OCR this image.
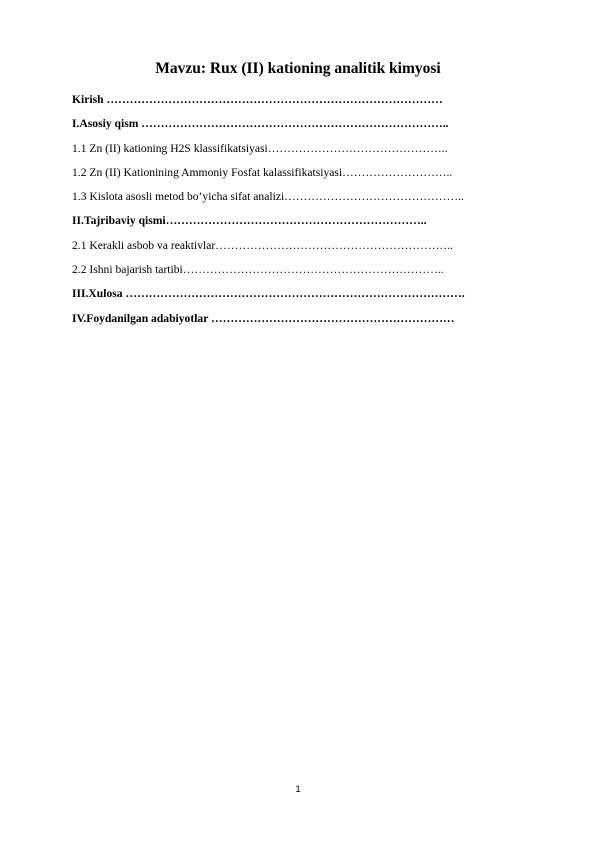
Mavzu: Rux (II) kationing analitik kimyosi
Kirish ……………………………………………………………………………
I.Asosiy qism ……………………………………………………………………..
1.1 Zn (II) kationing H2S klassifikatsiyasi………………………………………..
1.2 Zn (II) Kationining Ammoniy Fosfat kalassifikatsiyasi………………………..
1.3 Kislota asosli metod bo’yicha sifat analizi………………………………………..
II.Tajribaviy qismi…………………………………………………………..
2.1 Kerakli asbob va reaktivlar……………………………………………………..
2.2 Ishni bajarish tartibi…………………………………………………………..
III.Xulosa …………………………………………………………………………….
IV.Foydanilgan adabiyotlar ………………………………………………………
1
